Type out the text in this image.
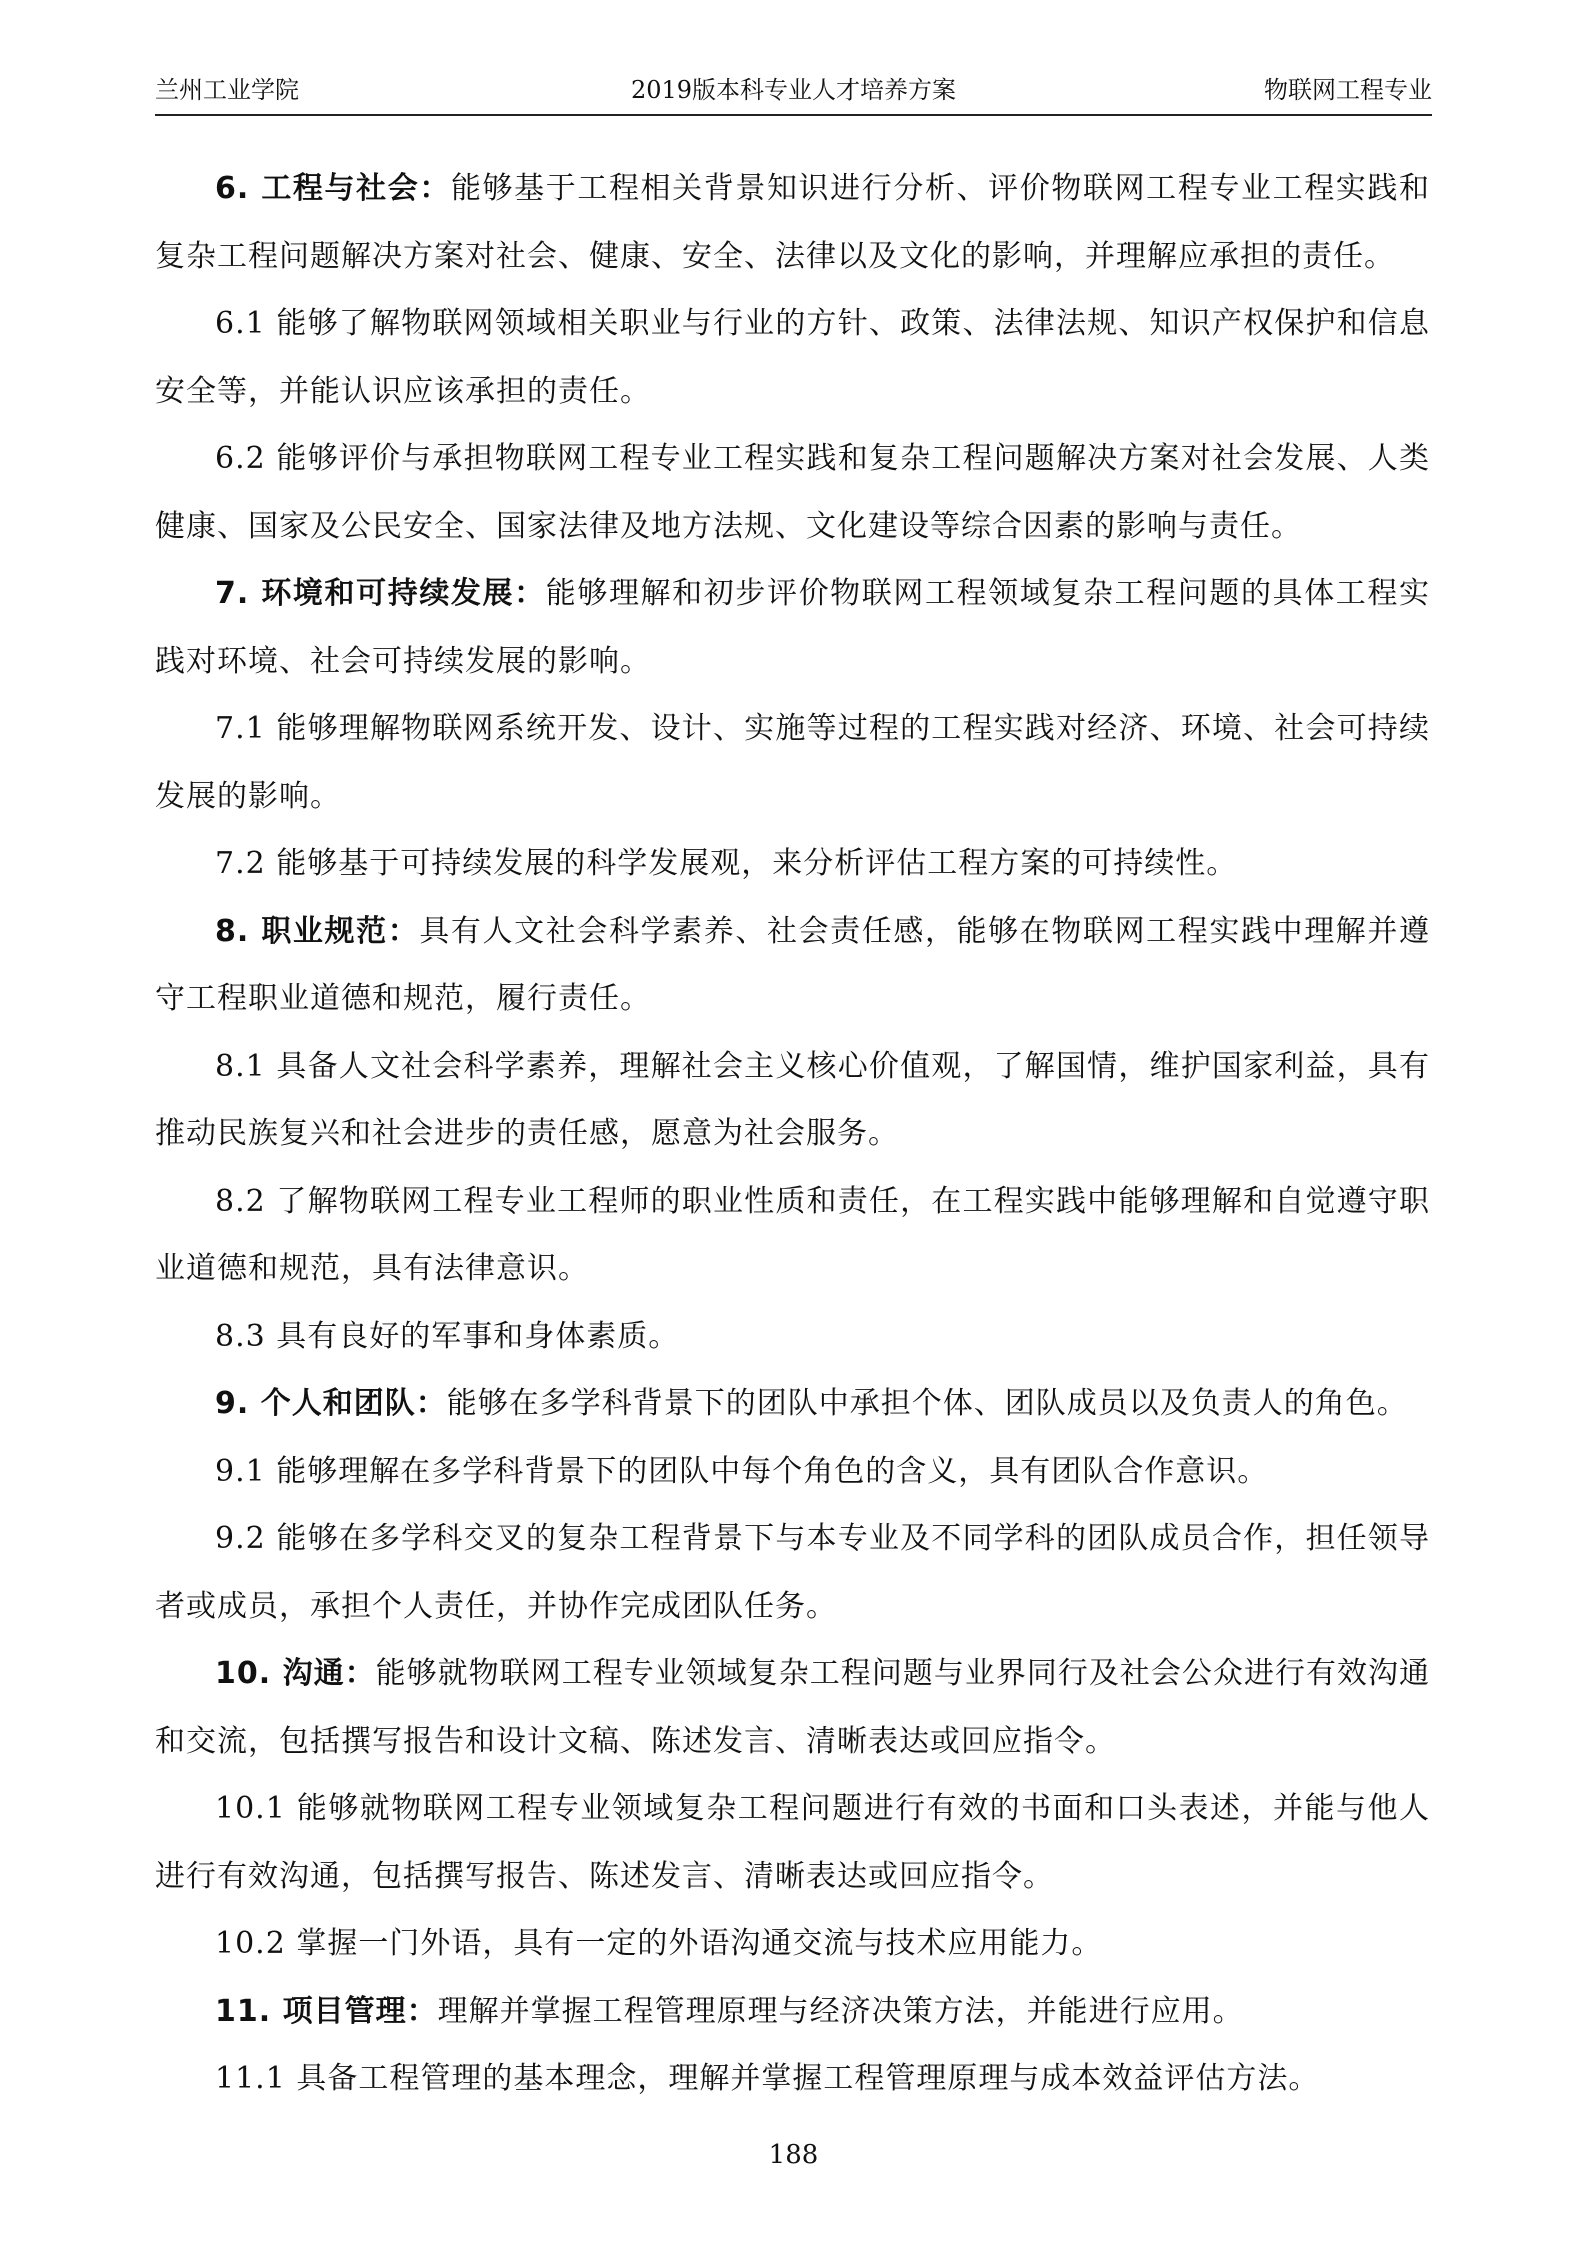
兰州工业学院	2019版本科专业人才培养方案	物联网工程专业

6. 工程与社会：能够基于工程相关背景知识进行分析、评价物联网工程专业工程实践和复杂工程问题解决方案对社会、健康、安全、法律以及文化的影响，并理解应承担的责任。

6.1 能够了解物联网领域相关职业与行业的方针、政策、法律法规、知识产权保护和信息安全等，并能认识应该承担的责任。

6.2 能够评价与承担物联网工程专业工程实践和复杂工程问题解决方案对社会发展、人类健康、国家及公民安全、国家法律及地方法规、文化建设等综合因素的影响与责任。

7. 环境和可持续发展：能够理解和初步评价物联网工程领域复杂工程问题的具体工程实践对环境、社会可持续发展的影响。

7.1 能够理解物联网系统开发、设计、实施等过程的工程实践对经济、环境、社会可持续发展的影响。

7.2 能够基于可持续发展的科学发展观，来分析评估工程方案的可持续性。

8. 职业规范：具有人文社会科学素养、社会责任感，能够在物联网工程实践中理解并遵守工程职业道德和规范，履行责任。

8.1 具备人文社会科学素养，理解社会主义核心价值观，了解国情，维护国家利益，具有推动民族复兴和社会进步的责任感，愿意为社会服务。

8.2 了解物联网工程专业工程师的职业性质和责任，在工程实践中能够理解和自觉遵守职业道德和规范，具有法律意识。

8.3 具有良好的军事和身体素质。

9. 个人和团队：能够在多学科背景下的团队中承担个体、团队成员以及负责人的角色。

9.1 能够理解在多学科背景下的团队中每个角色的含义，具有团队合作意识。

9.2 能够在多学科交叉的复杂工程背景下与本专业及不同学科的团队成员合作，担任领导者或成员，承担个人责任，并协作完成团队任务。

10. 沟通：能够就物联网工程专业领域复杂工程问题与业界同行及社会公众进行有效沟通和交流，包括撰写报告和设计文稿、陈述发言、清晰表达或回应指令。

10.1 能够就物联网工程专业领域复杂工程问题进行有效的书面和口头表述，并能与他人进行有效沟通，包括撰写报告、陈述发言、清晰表达或回应指令。

10.2 掌握一门外语，具有一定的外语沟通交流与技术应用能力。

11. 项目管理：理解并掌握工程管理原理与经济决策方法，并能进行应用。

11.1 具备工程管理的基本理念，理解并掌握工程管理原理与成本效益评估方法。

188
